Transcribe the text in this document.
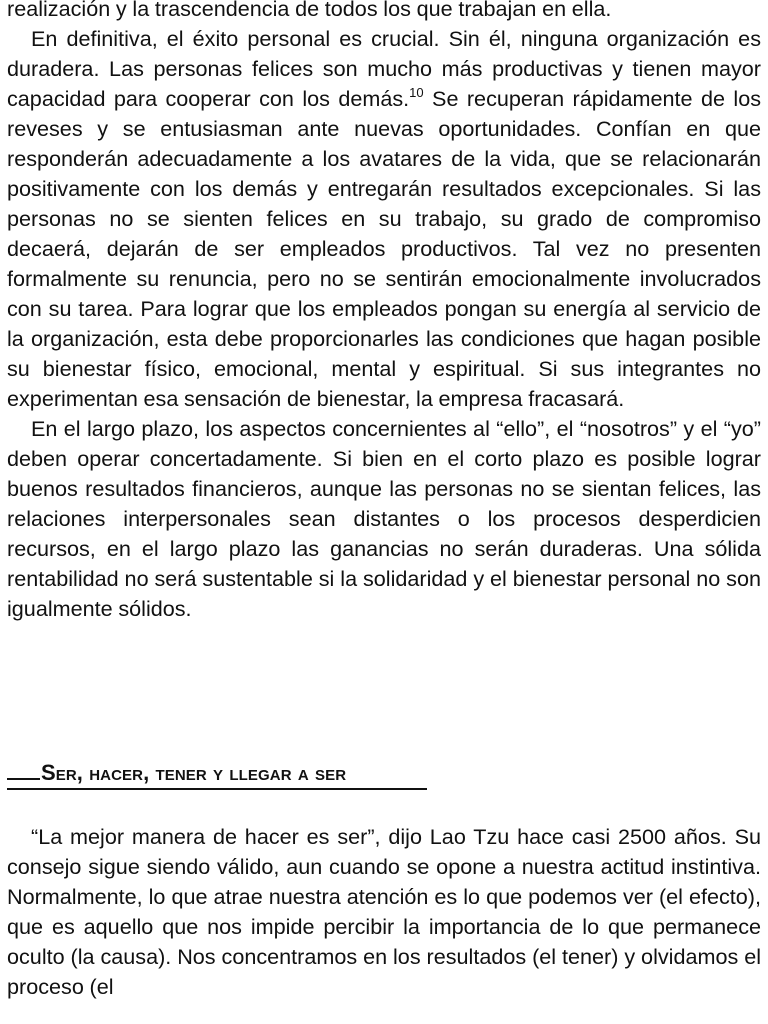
realización y la trascendencia de todos los que trabajan en ella.

En definitiva, el éxito personal es crucial. Sin él, ninguna organización es duradera. Las personas felices son mucho más productivas y tienen mayor capacidad para cooperar con los demás.$^{10}$ Se recuperan rápidamente de los reveses y se entusiasman ante nuevas oportunidades. Confían en que responderán adecuadamente a los avatares de la vida, que se relacionarán positivamente con los demás y entregarán resultados excepcionales. Si las personas no se sienten felices en su trabajo, su grado de compromiso decaerá, dejarán de ser empleados productivos. Tal vez no presenten formalmente su renuncia, pero no se sentirán emocionalmente involucrados con su tarea. Para lograr que los empleados pongan su energía al servicio de la organización, esta debe proporcionarles las condiciones que hagan posible su bienestar físico, emocional, mental y espiritual. Si sus integrantes no experimentan esa sensación de bienestar, la empresa fracasará.

En el largo plazo, los aspectos concernientes al “ello”, el “nosotros” y el “yo” deben operar concertadamente. Si bien en el corto plazo es posible lograr buenos resultados financieros, aunque las personas no se sientan felices, las relaciones interpersonales sean distantes o los procesos desperdicien recursos, en el largo plazo las ganancias no serán duraderas. Una sólida rentabilidad no será sustentable si la solidaridad y el bienestar personal no son igualmente sólidos.

Ser, hacer, tener y llegar a ser

“La mejor manera de hacer es ser”, dijo Lao Tzu hace casi 2500 años. Su consejo sigue siendo válido, aun cuando se opone a nuestra actitud instintiva. Normalmente, lo que atrae nuestra atención es lo que podemos ver (el efecto), que es aquello que nos impide percibir la importancia de lo que permanece oculto (la causa). Nos concentramos en los resultados (el tener) y olvidamos el proceso (el
